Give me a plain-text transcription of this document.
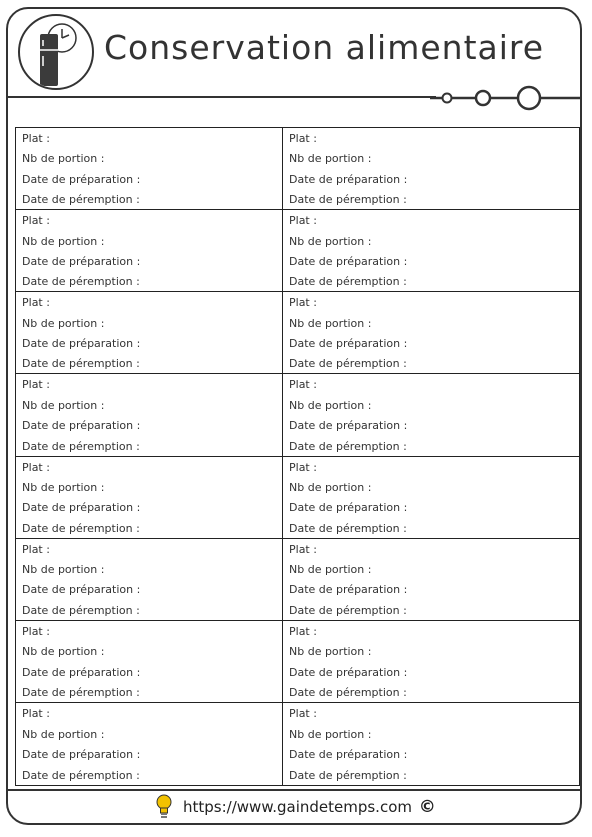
Conservation alimentaire
Plat :
Nb de portion :
Date de préparation :
Date de péremption :
Plat :
Nb de portion :
Date de préparation :
Date de péremption :
Plat :
Nb de portion :
Date de préparation :
Date de péremption :
Plat :
Nb de portion :
Date de préparation :
Date de péremption :
Plat :
Nb de portion :
Date de préparation :
Date de péremption :
Plat :
Nb de portion :
Date de préparation :
Date de péremption :
Plat :
Nb de portion :
Date de préparation :
Date de péremption :
Plat :
Nb de portion :
Date de préparation :
Date de péremption :
Plat :
Nb de portion :
Date de préparation :
Date de péremption :
Plat :
Nb de portion :
Date de préparation :
Date de péremption :
Plat :
Nb de portion :
Date de préparation :
Date de péremption :
Plat :
Nb de portion :
Date de préparation :
Date de péremption :
Plat :
Nb de portion :
Date de préparation :
Date de péremption :
Plat :
Nb de portion :
Date de préparation :
Date de péremption :
Plat :
Nb de portion :
Date de préparation :
Date de péremption :
Plat :
Nb de portion :
Date de préparation :
Date de péremption :
https://www.gaindetemps.com ©
